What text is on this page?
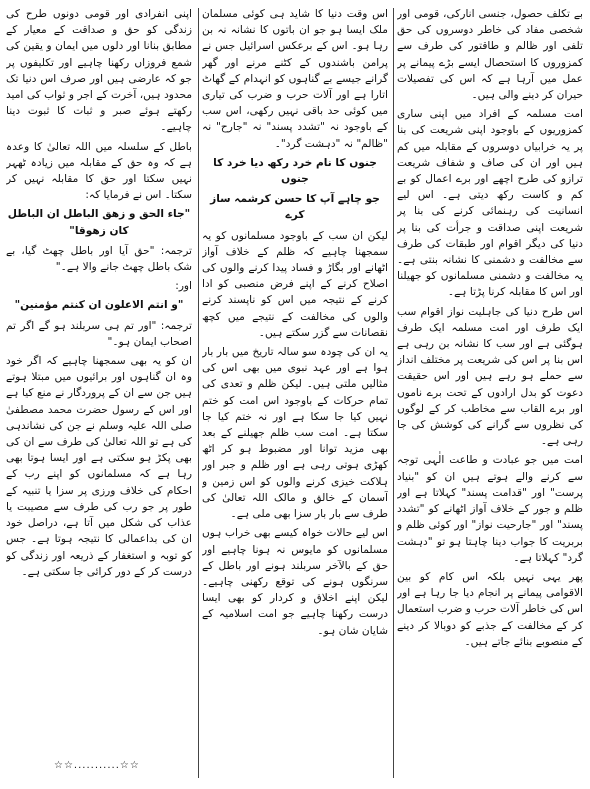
بے تکلف حصول، جنسی انارکی، قومی اور شخصی مفاد کی خاطر دوسروں کی حق تلفی اور ظالم و طاقتور کی طرف سے کمزوروں کا استحصال ایسے بڑے پیمانے پر عمل میں آرہا ہے کہ اس کی تفصیلات حیران کر دینے والی ہیں۔

امت مسلمہ کے افراد میں اپنی ساری کمزوریوں کے باوجود اپنی شریعت کی بنا پر یہ خرابیاں دوسروں کے مقابلہ میں کم ہیں اور ان کی صاف و شفاف شریعت ترازو کی طرح اچھے اور برے اعمال کو بے کم و کاست رکھ دیتی ہے۔ اس لیے انسانیت کی رہنمائی کرنے کی بنا پر شریعت اپنی صداقت و جرأت کی بنا پر دنیا کی دیگر اقوام اور طبقات کی طرف سے مخالفت و دشمنی کا نشانہ بنتی ہے۔ یہ مخالفت و دشمنی مسلمانوں کو جھیلنا اور اس کا مقابلہ کرنا پڑتا ہے۔

اس طرح دنیا کی جاہلیت نواز اقوام سب ایک طرف اور امت مسلمہ ایک طرف ہوگئی ہے اور سب کا نشانہ بن رہی ہے اس بنا پر اس کی شریعت پر مختلف انداز سے حملے ہو رہے ہیں اور اس حقیقت دعوت کو بدل ارادوں کے تحت برے ناموں اور برے القاب سے مخاطب کر کے لوگوں کی نظروں سے گرانے کی کوشش کی جا رہی ہے۔

امت میں جو عبادت و طاعت الٰہی توجہ سے کرنے والے ہوتے ہیں ان کو "بنیاد پرست" اور "قدامت پسند" کہلاتا ہے اور ظلم و جور کے خلاف آواز اٹھانے کو "تشدد پسند" اور "جارحیت نواز" اور کوئی ظلم و بربریت کا جواب دینا چاہتا ہو تو "دہشت گرد" کہلاتا ہے۔

پھر یہی نہیں بلکہ اس کام کو بین الاقوامی پیمانے پر انجام دیا جا رہا ہے اور اس کی خاطر آلات حرب و ضرب استعمال کر کے مخالفت کے جذبے کو دوبالا کر دینے کے منصوبے بنائے جاتے ہیں۔

اس وقت دنیا کا شاید ہی کوئی مسلمان ملک ایسا ہو جو ان باتوں کا نشانہ نہ بن رہا ہو۔ اس کے برعکس اسرائیل جس نے پرامن باشندوں کے کٹنے مرنے اور گھر گرانے جیسے بے گناہوں کو انہدام کے گھاٹ اتارا ہے اور آلات حرب و ضرب کی تیاری میں کوئی حد باقی نہیں رکھی، اس سب کے باوجود نہ "تشدد پسند" نہ "جارح" نہ "ظالم" نہ "دہشت گرد"۔

جنوں کا نام خرد رکھ دیا خرد کا جنوں

جو چاہے آپ کا حسن کرشمہ ساز کرے

لیکن ان سب کے باوجود مسلمانوں کو یہ سمجھنا چاہیے کہ ظلم کے خلاف آواز اٹھانے اور بگاڑ و فساد پیدا کرنے والوں کی اصلاح کرنے کے اپنے فرض منصبی کو ادا کرنے کے نتیجہ میں اس کو ناپسند کرنے والوں کی مخالفت کے نتیجے میں کچھ نقصانات سے گزر سکتے ہیں۔

یہ ان کی چودہ سو سالہ تاریخ میں بار بار ہوا ہے اور عہد نبوی میں بھی اس کی مثالیں ملتی ہیں۔ لیکن ظلم و تعدی کی تمام حرکات کے باوجود اس امت کو ختم نہیں کیا جا سکا ہے اور نہ ختم کیا جا سکتا ہے۔ امت سب ظلم جھیلنے کے بعد بھی مزید توانا اور مضبوط ہو کر اٹھ کھڑی ہوتی رہی ہے اور ظلم و جبر اور ہلاکت خیزی کرنے والوں کو اس زمین و آسمان کے خالق و مالک اللہ تعالیٰ کی طرف سے بار بار سزا بھی ملی ہے۔

اس لیے حالات خواہ کیسے بھی خراب ہوں مسلمانوں کو مایوس نہ ہونا چاہیے اور حق کے بالآخر سربلند ہونے اور باطل کے سرنگوں ہونے کی توقع رکھنی چاہیے۔ لیکن اپنے اخلاق و کردار کو بھی ایسا درست رکھنا چاہیے جو امت اسلامیہ کے شایان شان ہو۔

اپنی انفرادی اور قومی دونوں طرح کی زندگی کو حق و صداقت کے معیار کے مطابق بنانا اور دلوں میں ایمان و یقین کی شمع فروزاں رکھنا چاہیے اور تکلیفوں پر جو کہ عارضی ہیں اور صرف اس دنیا تک محدود ہیں، آخرت کے اجر و ثواب کی امید رکھتے ہوئے صبر و ثبات کا ثبوت دینا چاہیے۔

باطل کے سلسلہ میں اللہ تعالیٰ کا وعدہ ہے کہ وہ حق کے مقابلہ میں زیادہ ٹھہر نہیں سکتا اور حق کا مقابلہ نہیں کر سکتا۔ اس نے فرمایا کہ:

"جاء الحق و زهق الباطل ان الباطل كان زهوقا"

ترجمہ: "حق آیا اور باطل چھٹ گیا، بے شک باطل چھٹ جانے والا ہے۔"

اور:

"و انتم الاعلون ان كنتم مؤمنين"

ترجمہ: "اور تم ہی سربلند ہو گے اگر تم اصحاب ایمان ہو۔"

ان کو یہ بھی سمجھنا چاہیے کہ اگر خود وہ ان گناہوں اور برائیوں میں مبتلا ہوتے ہیں جن سے ان کے پروردگار نے منع کیا ہے اور اس کے رسول حضرت محمد مصطفیٰ صلی اللہ علیہ وسلم نے جن کی نشاندہی کی ہے تو اللہ تعالیٰ کی طرف سے ان کی بھی پکڑ ہو سکتی ہے اور ایسا ہوتا بھی رہا ہے کہ مسلمانوں کو اپنے رب کے احکام کی خلاف ورزی پر سزا یا تنبیہ کے طور پر جو رب کی طرف سے مصیبت یا عذاب کی شکل میں آتا ہے، دراصل خود ان کی بداعمالی کا نتیجہ ہوتا ہے۔ جس کو توبہ و استغفار کے ذریعہ اور زندگی کو درست کر کے دور کرائی جا سکتی ہے۔

☆☆...........☆☆
